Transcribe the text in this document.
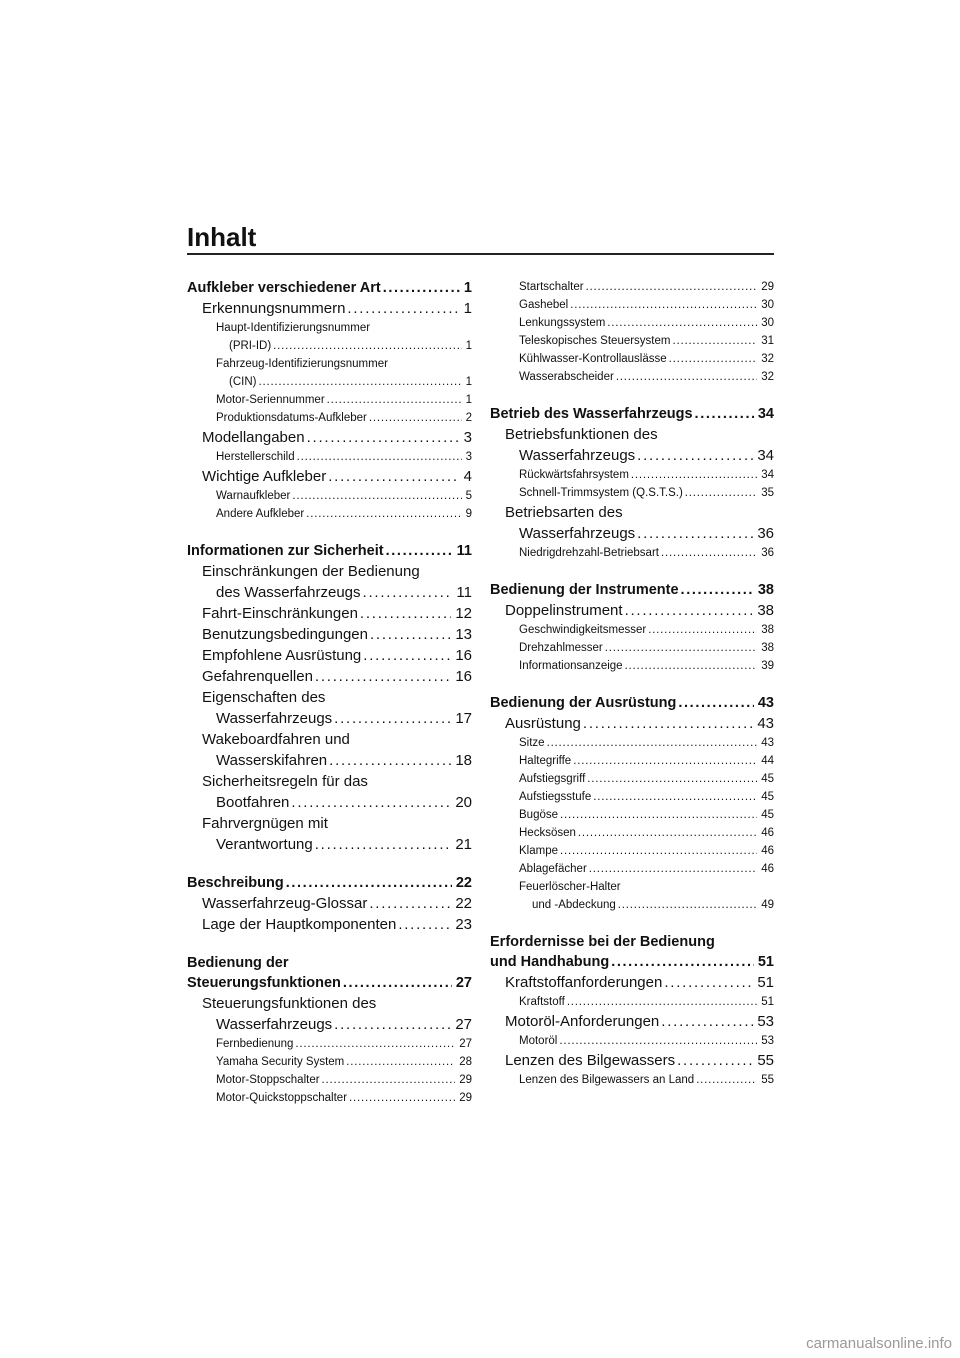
Inhalt
Aufkleber verschiedener Art . . .	1
Erkennungsnummern . . .	1
Haupt-Identifizierungsnummer
(PRI-ID) . . .	1
Fahrzeug-Identifizierungsnummer
(CIN) . . .	1
Motor-Seriennummer . . .	1
Produktionsdatums-Aufkleber . . .	2
Modellangaben . . .	3
Herstellerschild . . .	3
Wichtige Aufkleber . . .	4
Warnaufkleber . . .	5
Andere Aufkleber . . .	9
Informationen zur Sicherheit . . .	11
Einschränkungen der Bedienung
des Wasserfahrzeugs . . .	11
Fahrt-Einschränkungen . . .	12
Benutzungsbedingungen . . .	13
Empfohlene Ausrüstung . . .	16
Gefahrenquellen . . .	16
Eigenschaften des
Wasserfahrzeugs . . .	17
Wakeboardfahren und
Wasserskifahren . . .	18
Sicherheitsregeln für das
Bootfahren . . .	20
Fahrvergnügen mit
Verantwortung . . .	21
Beschreibung . . .	22
Wasserfahrzeug-Glossar . . .	22
Lage der Hauptkomponenten . . .	23
Bedienung der
Steuerungsfunktionen . . .	27
Steuerungsfunktionen des
Wasserfahrzeugs . . .	27
Fernbedienung . . .	27
Yamaha Security System . . .	28
Motor-Stoppschalter . . .	29
Motor-Quickstoppschalter . . .	29
Startschalter . . .	29
Gashebel . . .	30
Lenkungssystem . . .	30
Teleskopisches Steuersystem . . .	31
Kühlwasser-Kontrollauslässe . . .	32
Wasserabscheider . . .	32
Betrieb des Wasserfahrzeugs . . .	34
Betriebsfunktionen des
Wasserfahrzeugs . . .	34
Rückwärtsfahrsystem . . .	34
Schnell-Trimmsystem (Q.S.T.S.) . . .	35
Betriebsarten des
Wasserfahrzeugs . . .	36
Niedrigdrehzahl-Betriebsart . . .	36
Bedienung der Instrumente . . .	38
Doppelinstrument . . .	38
Geschwindigkeitsmesser . . .	38
Drehzahlmesser . . .	38
Informationsanzeige . . .	39
Bedienung der Ausrüstung . . .	43
Ausrüstung . . .	43
Sitze . . .	43
Haltegriffe . . .	44
Aufstiegsgriff . . .	45
Aufstiegsstufe . . .	45
Bugöse . . .	45
Hecksösen . . .	46
Klampe . . .	46
Ablagefächer . . .	46
Feuerlöscher-Halter
und -Abdeckung . . .	49
Erfordernisse bei der Bedienung
und Handhabung . . .	51
Kraftstoffanforderungen . . .	51
Kraftstoff . . .	51
Motoröl-Anforderungen . . .	53
Motoröl . . .	53
Lenzen des Bilgewassers . . .	55
Lenzen des Bilgewassers an Land . . .	55
carmanualsonline.info
